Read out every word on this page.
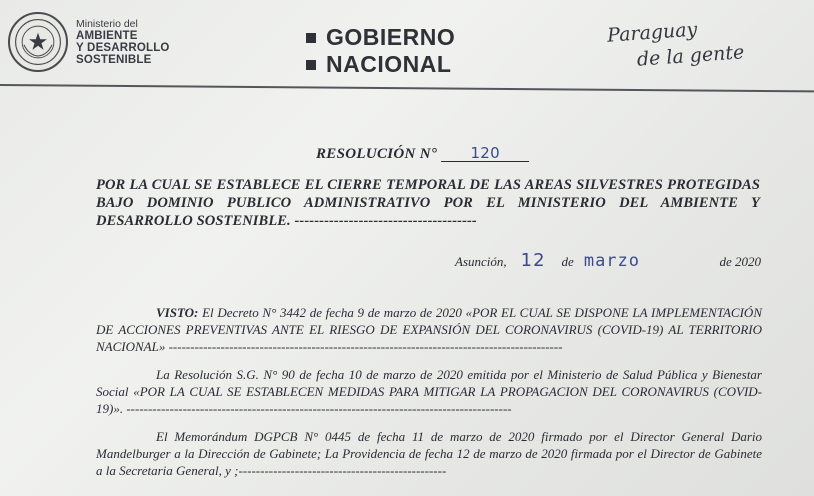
Ministerio del
AMBIENTE
Y DESARROLLO
SOSTENIBLE
GOBIERNO
NACIONAL
Paraguay
de la gente
RESOLUCIÓN N° 120
POR LA CUAL SE ESTABLECE EL CIERRE TEMPORAL DE LAS AREAS SILVESTRES PROTEGIDAS BAJO DOMINIO PUBLICO ADMINISTRATIVO POR EL MINISTERIO DEL AMBIENTE Y DESARROLLO SOSTENIBLE. -------------------------------------
Asunción, 12 de marzo	de 2020
VISTO: El Decreto N° 3442 de fecha 9 de marzo de 2020 «POR EL CUAL SE DISPONE LA IMPLEMENTACIÓN DE ACCIONES PREVENTIVAS ANTE EL RIESGO DE EXPANSIÓN DEL CORONAVIRUS (COVID-19) AL TERRITORIO NACIONAL» -------------------------------------------------------------------------------------------
La Resolución S.G. N° 90 de fecha 10 de marzo de 2020 emitida por el Ministerio de Salud Pública y Bienestar Social «POR LA CUAL SE ESTABLECEN MEDIDAS PARA MITIGAR LA PROPAGACION DEL CORONAVIRUS (COVID-19)». -----------------------------------------------------------------------------------------
El Memorándum DGPCB N° 0445 de fecha 11 de marzo de 2020 firmado por el Director General Dario Mandelburger a la Dirección de Gabinete; La Providencia de fecha 12 de marzo de 2020 firmada por el Director de Gabinete a la Secretaria General, y ;------------------------------------------------
